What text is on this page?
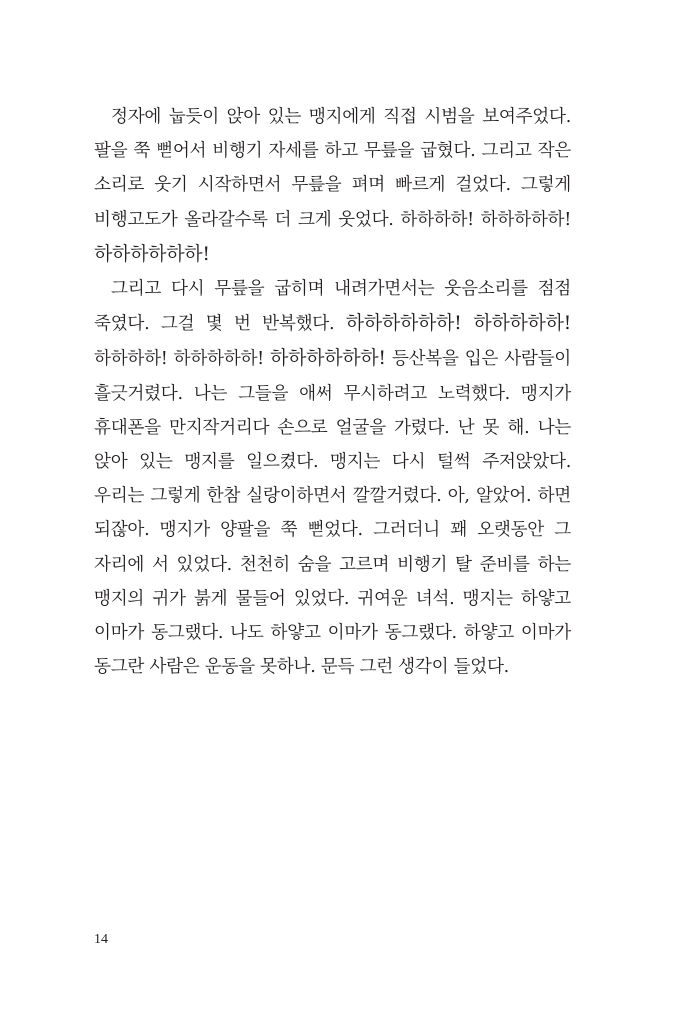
정자에 눕듯이 앉아 있는 맹지에게 직접 시범을 보여주었다. 팔을 쭉 뻗어서 비행기 자세를 하고 무릎을 굽혔다. 그리고 작은 소리로 웃기 시작하면서 무릎을 펴며 빠르게 걸었다. 그렇게 비행고도가 올라갈수록 더 크게 웃었다. 하하하하! 하하하하하! 하하하하하하!

그리고 다시 무릎을 굽히며 내려가면서는 웃음소리를 점점 죽였다. 그걸 몇 번 반복했다. 하하하하하하! 하하하하하! 하하하하! 하하하하하! 하하하하하하! 등산복을 입은 사람들이 흘긋거렸다. 나는 그들을 애써 무시하려고 노력했다. 맹지가 휴대폰을 만지작거리다 손으로 얼굴을 가렸다. 난 못 해. 나는 앉아 있는 맹지를 일으켰다. 맹지는 다시 털썩 주저앉았다. 우리는 그렇게 한참 실랑이하면서 깔깔거렸다. 아, 알았어. 하면 되잖아. 맹지가 양팔을 쭉 뻗었다. 그러더니 꽤 오랫동안 그 자리에 서 있었다. 천천히 숨을 고르며 비행기 탈 준비를 하는 맹지의 귀가 붉게 물들어 있었다. 귀여운 녀석. 맹지는 하얗고 이마가 동그랬다. 나도 하얗고 이마가 동그랬다. 하얗고 이마가 동그란 사람은 운동을 못하나. 문득 그런 생각이 들었다.

14
